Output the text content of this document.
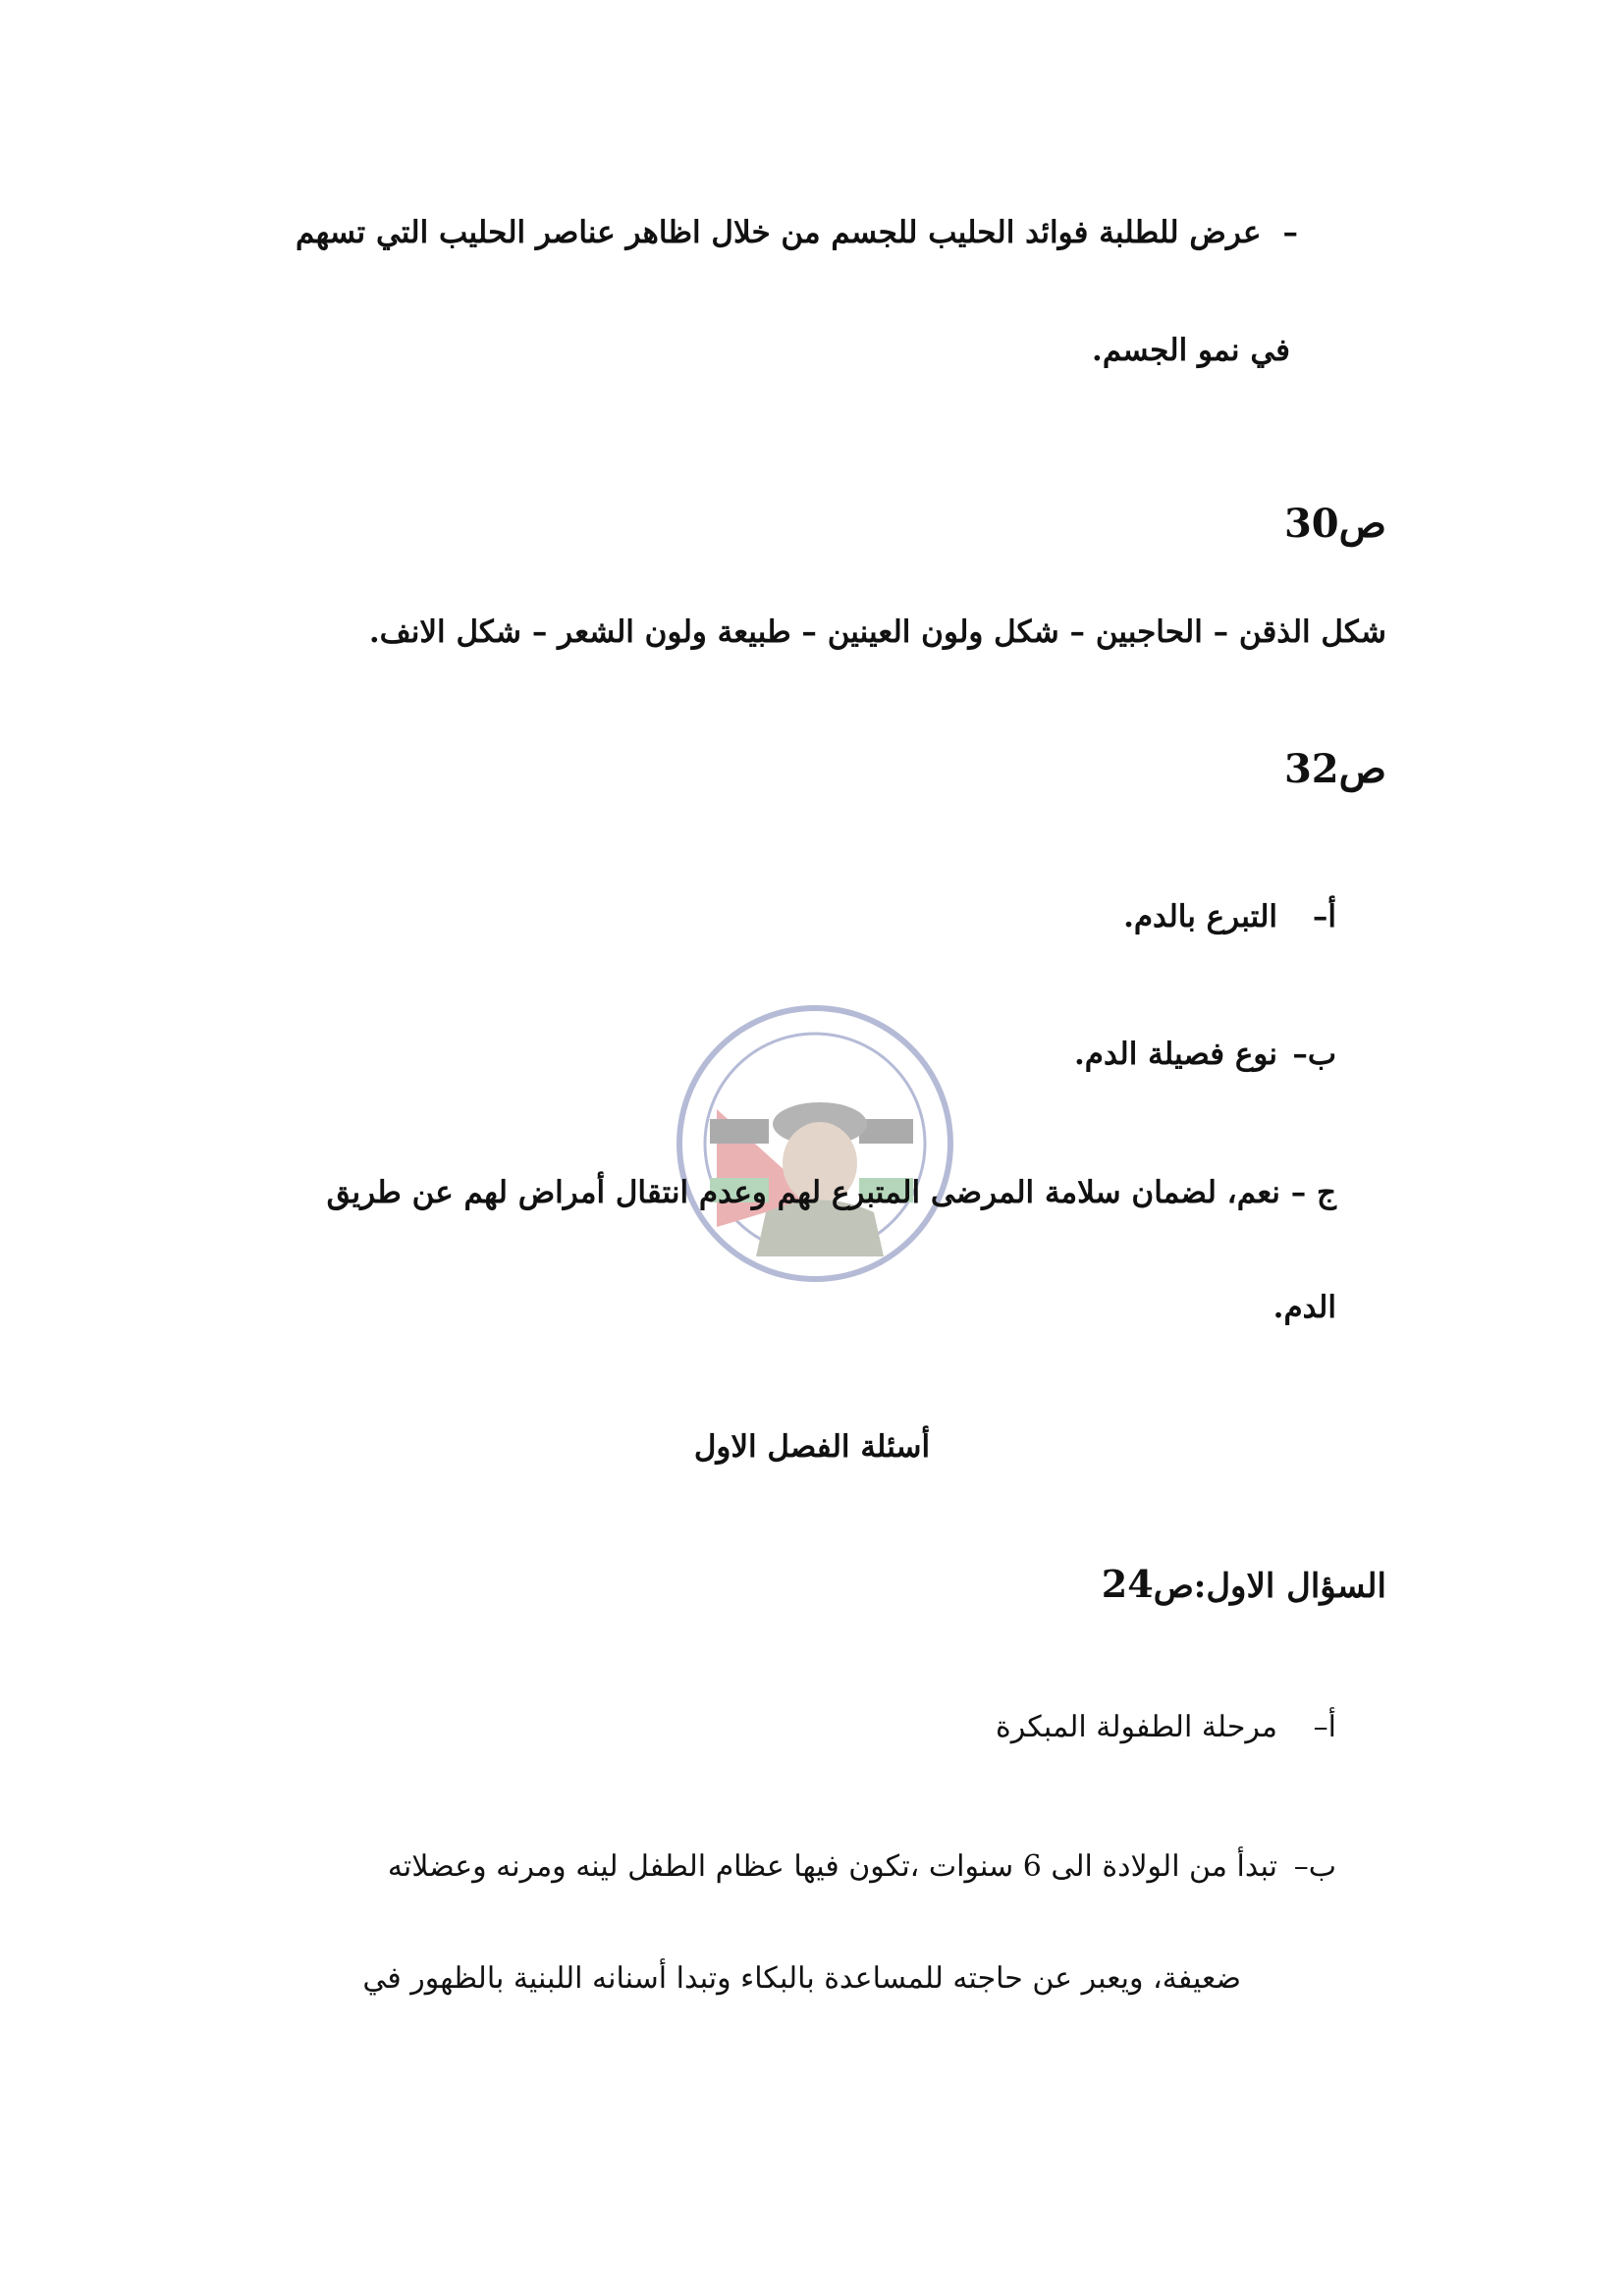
–عرض للطلبة فوائد الحليب للجسم من خلال اظاهر عناصر الحليب التي تسهم
في نمو الجسم.
ص30
شكل الذقن – الحاجبين – شكل ولون العينين – طبيعة ولون الشعر – شكل الانف.
ص32
أ–التبرع بالدم.
ب–نوع فصيلة الدم.
ج – نعم، لضمان سلامة المرضى المتبرع لهم وعدم انتقال أمراض لهم عن طريق
الدم.
أسئلة الفصل الاول
السؤال الاول:ص24
أ–مرحلة الطفولة المبكرة
ب–تبدأ من الولادة الى 6 سنوات ،تكون فيها عظام الطفل لينه ومرنه وعضلاته
ضعيفة، ويعبر عن حاجته للمساعدة بالبكاء وتبدا أسنانه اللبنية بالظهور في
